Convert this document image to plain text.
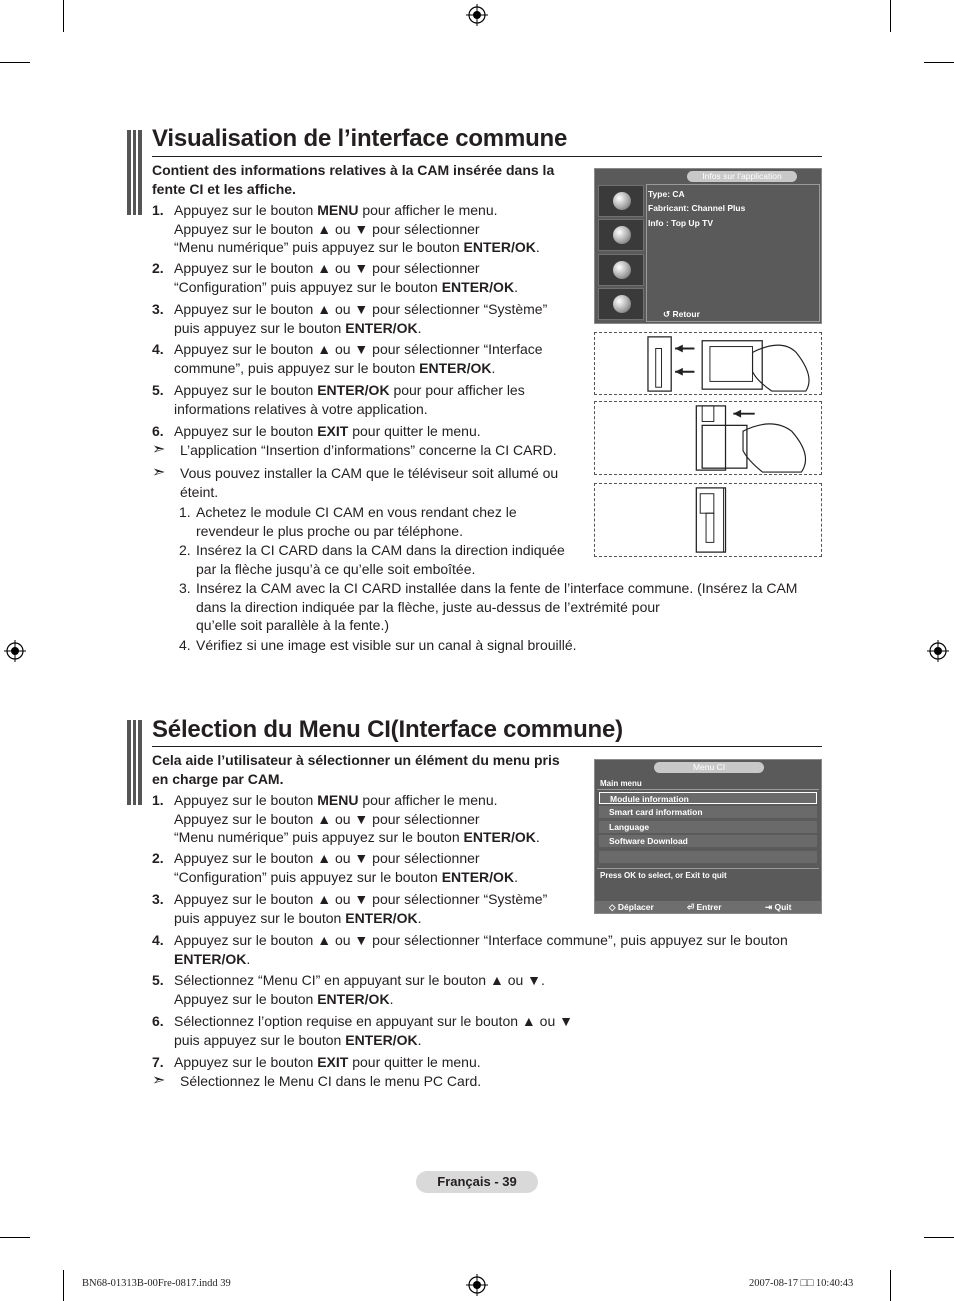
Visualisation de l’interface commune
Contient des informations relatives à la CAM insérée dans la fente CI et les affiche.
1. Appuyez sur le bouton MENU pour afficher le menu.
Appuyez sur le bouton ▲ ou ▼ pour sélectionner
“Menu numérique” puis appuyez sur le bouton ENTER/OK.
2. Appuyez sur le bouton ▲ ou ▼ pour sélectionner
“Configuration” puis appuyez sur le bouton ENTER/OK.
3. Appuyez sur le bouton ▲ ou ▼ pour sélectionner “Système”
puis appuyez sur le bouton ENTER/OK.
4. Appuyez sur le bouton ▲ ou ▼ pour sélectionner “Interface
commune”, puis appuyez sur le bouton ENTER/OK.
5. Appuyez sur le bouton ENTER/OK pour pour afficher les
informations relatives à votre application.
6. Appuyez sur le bouton EXIT pour quitter le menu.
➣ L’application “Insertion d’informations” concerne la CI CARD.
➣ Vous pouvez installer la CAM que le téléviseur soit allumé ou
éteint.
1. Achetez le module CI CAM en vous rendant chez le
revendeur le plus proche ou par téléphone.
2. Insérez la CI CARD dans la CAM dans la direction indiquée
par la flèche jusqu’à ce qu’elle soit emboîtée.
3. Insérez la CAM avec la CI CARD installée dans la fente de l’interface commune. (Insérez la CAM
dans la direction indiquée par la flèche, juste au-dessus de l’extrémité pour
qu’elle soit parallèle à la fente.)
4. Vérifiez si une image est visible sur un canal à signal brouillé.
Infos sur l’application
Type: CA
Fabricant: Channel Plus
Info : Top Up TV
↺ Retour
Sélection du Menu CI(Interface commune)
Cela aide l’utilisateur à sélectionner un élément du menu pris en charge par CAM.
1. Appuyez sur le bouton MENU pour afficher le menu.
Appuyez sur le bouton ▲ ou ▼ pour sélectionner
“Menu numérique” puis appuyez sur le bouton ENTER/OK.
2. Appuyez sur le bouton ▲ ou ▼ pour sélectionner
“Configuration” puis appuyez sur le bouton ENTER/OK.
3. Appuyez sur le bouton ▲ ou ▼ pour sélectionner “Système”
puis appuyez sur le bouton ENTER/OK.
4. Appuyez sur le bouton ▲ ou ▼ pour sélectionner “Interface commune”, puis appuyez sur le bouton
ENTER/OK.
5. Sélectionnez “Menu CI” en appuyant sur le bouton ▲ ou ▼.
Appuyez sur le bouton ENTER/OK.
6. Sélectionnez l’option requise en appuyant sur le bouton ▲ ou ▼
puis appuyez sur le bouton ENTER/OK.
7. Appuyez sur le bouton EXIT pour quitter le menu.
➣ Sélectionnez le Menu CI dans le menu PC Card.
Menu CI
Main menu
Press OK to select, or Exit to quit
◇ Déplacer	⏎ Entrer	⇥ Quit
Module information
Smart card information
Language
Software Download
Français - 39
BN68-01313B-00Fre-0817.indd 39	2007-08-17 □□ 10:40:43
